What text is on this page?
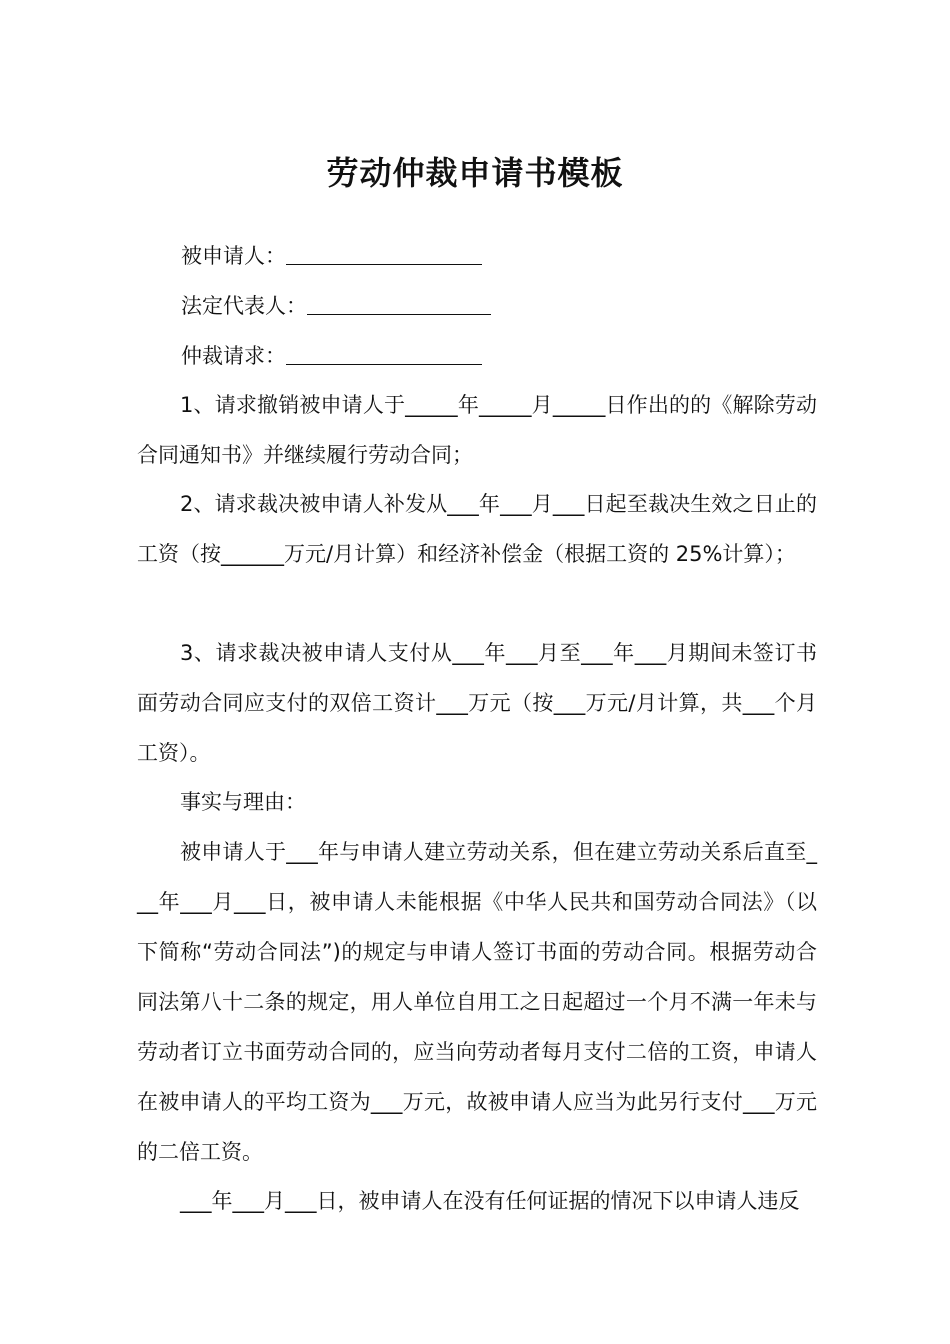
劳动仲裁申请书模板
被申请人：
法定代表人：
仲裁请求：

1、请求撤销被申请人于_____年_____月_____日作出的的《解除劳动合同通知书》并继续履行劳动合同；

2、请求裁决被申请人补发从___年___月___日起至裁决生效之日止的工资（按______万元/月计算）和经济补偿金（根据工资的 25%计算）；

3、请求裁决被申请人支付从___年___月至___年___月期间未签订书面劳动合同应支付的双倍工资计___万元（按___万元/月计算，共___个月工资）。

事实与理由：

被申请人于___年与申请人建立劳动关系，但在建立劳动关系后直至___年___月___日，被申请人未能根据《中华人民共和国劳动合同法》（以下简称“劳动合同法”)的规定与申请人签订书面的劳动合同。根据劳动合同法第八十二条的规定，用人单位自用工之日起超过一个月不满一年未与劳动者订立书面劳动合同的，应当向劳动者每月支付二倍的工资，申请人在被申请人的平均工资为___万元，故被申请人应当为此另行支付___万元的二倍工资。

___年___月___日，被申请人在没有任何证据的情况下以申请人违反
